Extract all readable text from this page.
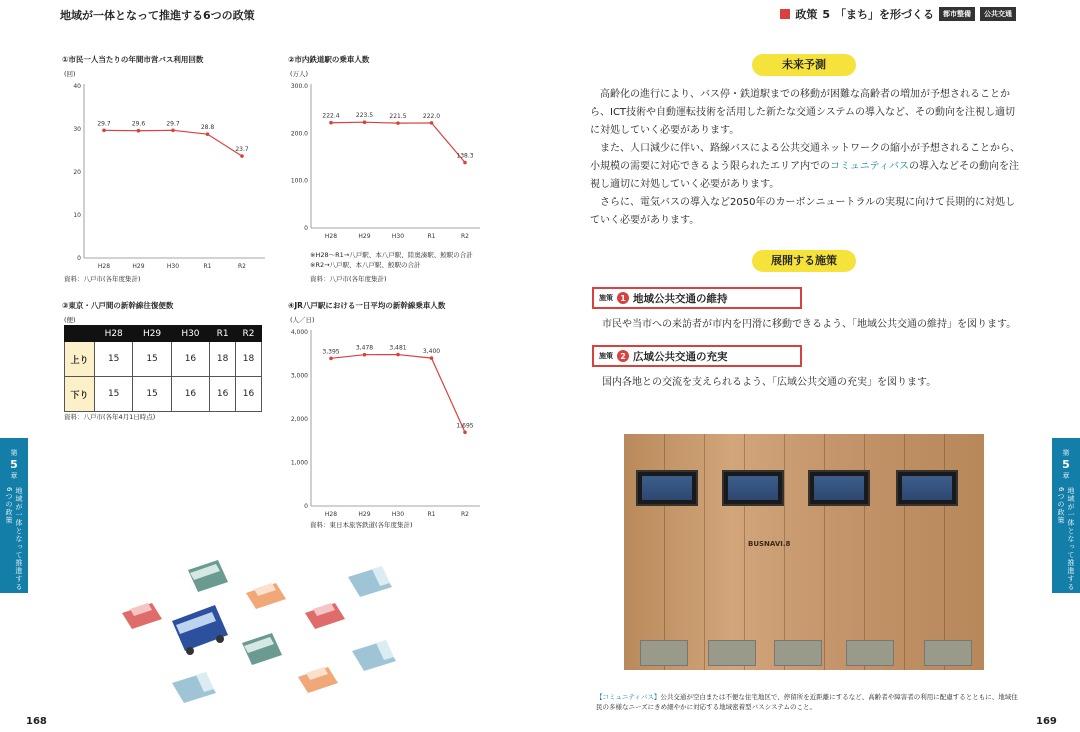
地域が一体となって推進する6つの政策	政策 5 「まち」を形づくる	都市整備	公共交通
①市民一人当たりの年間市営バス利用回数
(回)
0
10
20
30
40
29.7	29.6	29.7
28.8
23.7
H28	H29	H30	R1	R2
資料：八戸市(各年度集計)
②市内鉄道駅の乗車人数
(万人)
0
100.0
200.0
300.0
222.4	223.5	221.5	222.0
138.3
H28	H29	H30	R1	R2
※H28～R1→八戸駅、本八戸駅、陸奥湊駅、鮫駅の合計
※R2→八戸駅、本八戸駅、鮫駅の合計
資料：八戸市(各年度集計)
③東京・八戸間の新幹線往復便数
(便)
	H28	H29	H30	R1	R2
上り	15	15	16	18	18
下り	15	15	16	16	16
資料：八戸市(各年4月1日時点)
④JR八戸駅における一日平均の新幹線乗車人数
(人／日)
0
1,000
2,000
3,000
4,000
3,395
3,478	3,481
3,400
1,695
H28	H29	H30	R1	R2
資料：東日本旅客鉄道(各年度集計)
未来予測

高齢化の進行により、バス停・鉄道駅までの移動が困難な高齢者の増加が予想されることから、ICT技術や自動運転技術を活用した新たな交通システムの導入など、その動向を注視し適切に対処していく必要があります。

また、人口減少に伴い、路線バスによる公共交通ネットワークの縮小が予想されることから、小規模の需要に対応できるよう限られたエリア内でのコミュニティバスの導入などその動向を注視し適切に対処していく必要があります。

さらに、電気バスの導入など2050年のカーボンニュートラルの実現に向けて長期的に対処していく必要があります。

展開する施策
施策 1 地域公共交通の維持
市民や当市への来訪者が市内を円滑に移動できるよう、「地域公共交通の維持」を図ります。
施策 2 広域公共交通の充実
国内各地との交流を支えられるよう、「広域公共交通の充実」を図ります。
BUSNAVI.8
【コミュニティバス】公共交通が空白または不便な住宅地区で、停留所を近距離にするなど、高齢者や障害者の利用に配慮するとともに、地域住民の多様なニーズにきめ細やかに対応する地域密着型バスシステムのこと。
第
5
章
地域が一体となって推進する6つの政策
第
5
章
地域が一体となって推進する6つの政策
168	169
